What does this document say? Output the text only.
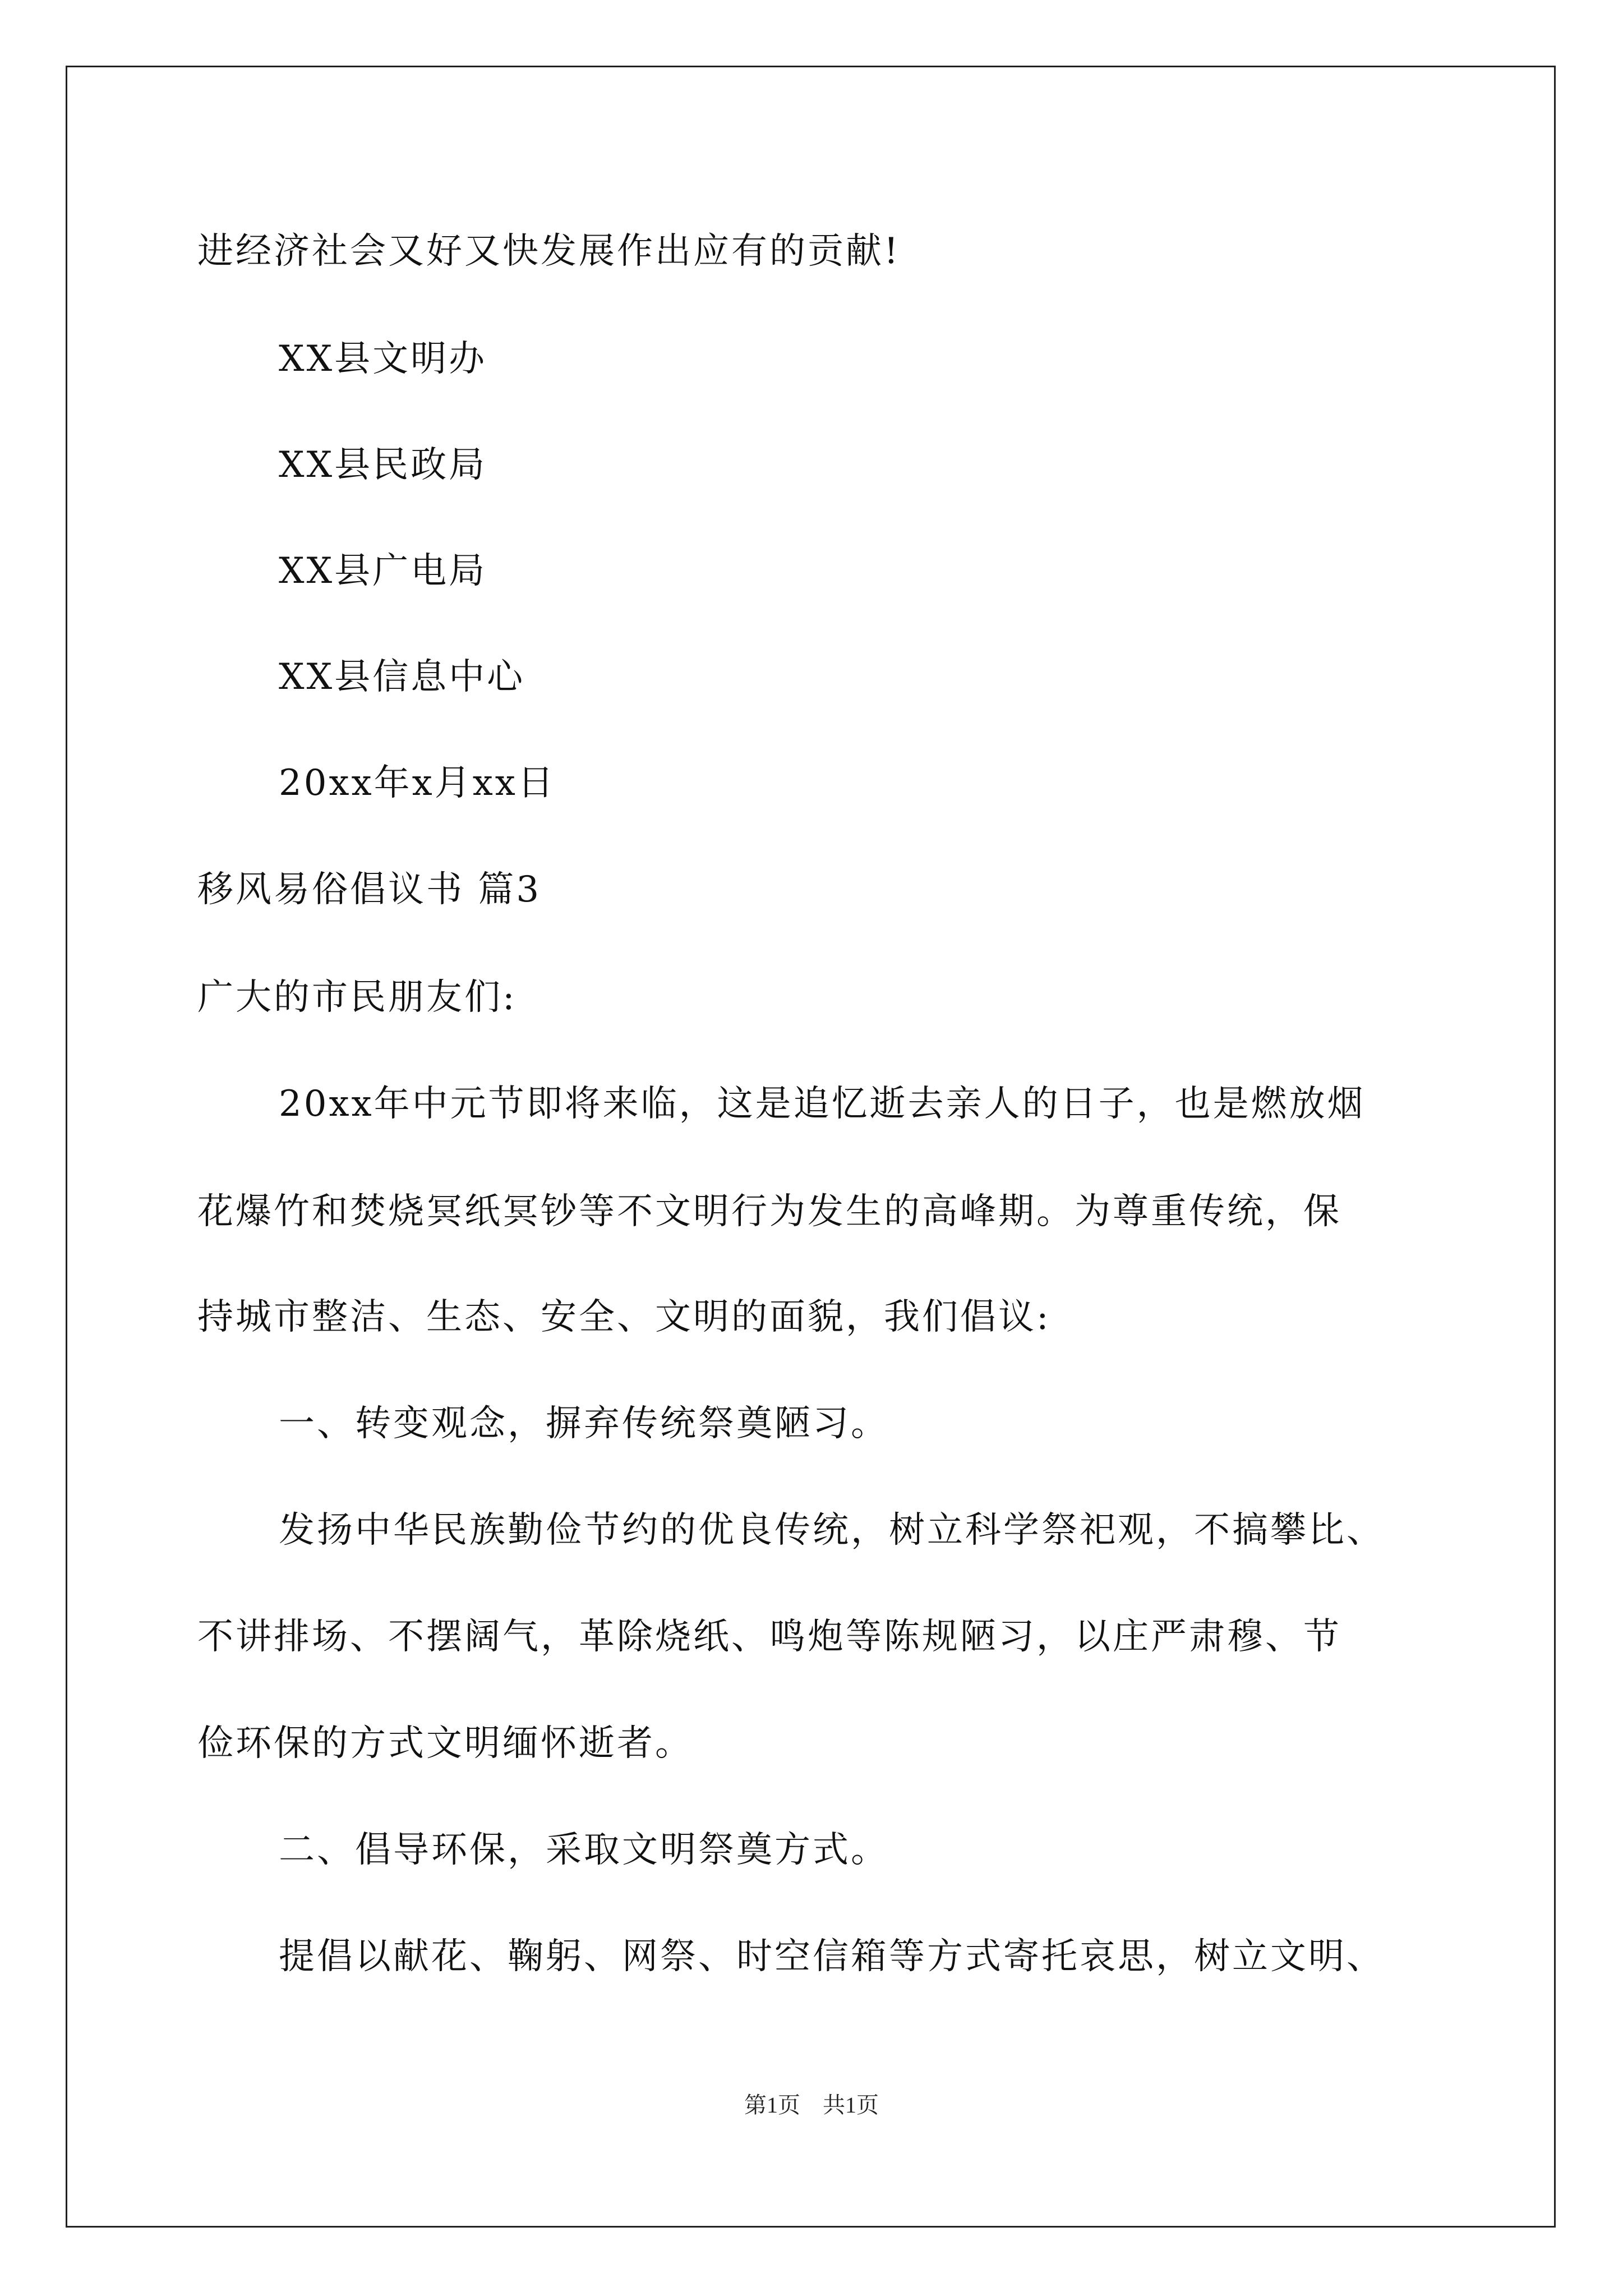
进经济社会又好又快发展作出应有的贡献!
XX县文明办
XX县民政局
XX县广电局
XX县信息中心
20xx年x月xx日
移风易俗倡议书 篇3
广大的市民朋友们:
20xx年中元节即将来临，这是追忆逝去亲人的日子，也是燃放烟
花爆竹和焚烧冥纸冥钞等不文明行为发生的高峰期。为尊重传统，保
持城市整洁、生态、安全、文明的面貌，我们倡议:
一、转变观念，摒弃传统祭奠陋习。
发扬中华民族勤俭节约的优良传统，树立科学祭祀观，不搞攀比、
不讲排场、不摆阔气，革除烧纸、鸣炮等陈规陋习，以庄严肃穆、节
俭环保的方式文明缅怀逝者。
二、倡导环保，采取文明祭奠方式。
提倡以献花、鞠躬、网祭、时空信箱等方式寄托哀思，树立文明、
第1页　共1页
